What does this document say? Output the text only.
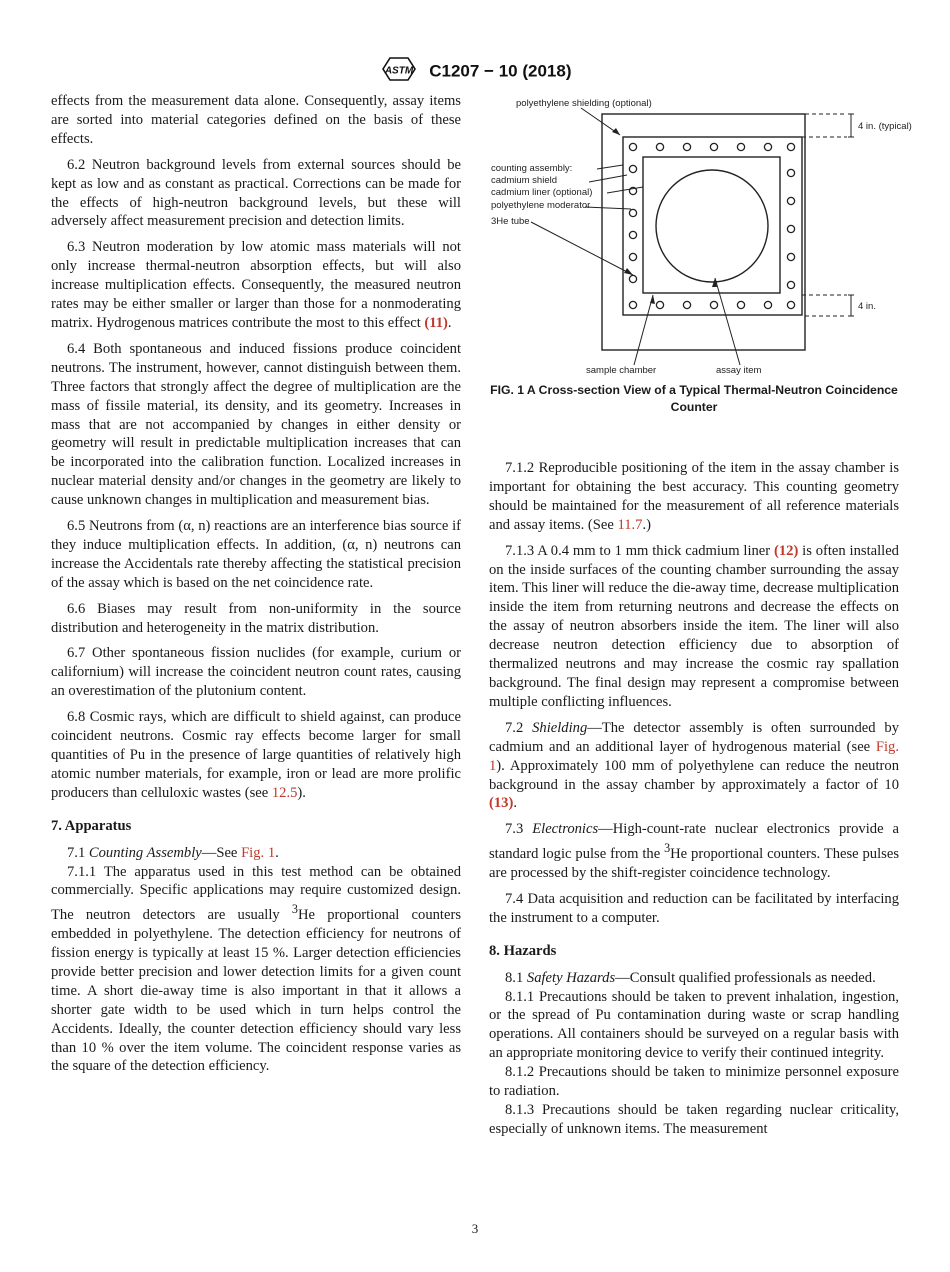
ASTM C1207 − 10 (2018)

effects from the measurement data alone. Consequently, assay items are sorted into material categories defined on the basis of these effects.

6.2 Neutron background levels from external sources should be kept as low and as constant as practical. Corrections can be made for the effects of high-neutron background levels, but these will adversely affect measurement precision and detection limits.

6.3 Neutron moderation by low atomic mass materials will not only increase thermal-neutron absorption effects, but will also increase multiplication effects. Consequently, the measured neutron rates may be either smaller or larger than those for a nonmoderating matrix. Hydrogenous matrices contribute the most to this effect (11).

6.4 Both spontaneous and induced fissions produce coincident neutrons. The instrument, however, cannot distinguish between them. Three factors that strongly affect the degree of multiplication are the mass of fissile material, its density, and its geometry. Increases in mass that are not accompanied by changes in either density or geometry will result in predictable multiplication increases that can be incorporated into the calibration function. Localized increases in nuclear material density and/or changes in the geometry are likely to cause unknown changes in multiplication and measurement bias.

6.5 Neutrons from (α, n) reactions are an interference bias source if they induce multiplication effects. In addition, (α, n) neutrons can increase the Accidentals rate thereby affecting the statistical precision of the assay which is based on the net coincidence rate.

6.6 Biases may result from non-uniformity in the source distribution and heterogeneity in the matrix distribution.

6.7 Other spontaneous fission nuclides (for example, curium or californium) will increase the coincident neutron count rates, causing an overestimation of the plutonium content.

6.8 Cosmic rays, which are difficult to shield against, can produce coincident neutrons. Cosmic ray effects become larger for small quantities of Pu in the presence of large quantities of relatively high atomic number materials, for example, iron or lead are more prolific producers than celluloxic wastes (see 12.5).

7. Apparatus

7.1 Counting Assembly—See Fig. 1.

7.1.1 The apparatus used in this test method can be obtained commercially. Specific applications may require customized design. The neutron detectors are usually $^3$He proportional counters embedded in polyethylene. The detection efficiency for neutrons of fission energy is typically at least 15 %. Larger detection efficiencies provide better precision and lower detection limits for a given count time. A short die-away time is also important in that it allows a shorter gate width to be used which in turn helps control the Accidents. Ideally, the counter detection efficiency should vary less than 10 % over the item volume. The coincident response varies as the square of the detection efficiency.

polyethylene shielding (optional)
4 in. (typical)
counting assembly:
cadmium shield
cadmium liner (optional)
polyethylene moderator
3He tube
4 in.
sample chamber	assay item
FIG. 1 A Cross-section View of a Typical Thermal-Neutron Coincidence Counter

7.1.2 Reproducible positioning of the item in the assay chamber is important for obtaining the best accuracy. This counting geometry should be maintained for the measurement of all reference materials and assay items. (See 11.7.)

7.1.3 A 0.4 mm to 1 mm thick cadmium liner (12) is often installed on the inside surfaces of the counting chamber surrounding the assay item. This liner will reduce the die-away time, decrease multiplication inside the item from returning neutrons and decrease the effects on the assay of neutron absorbers inside the item. The liner will also decrease neutron detection efficiency due to absorption of thermalized neutrons and may increase the cosmic ray spallation background. The final design may represent a compromise between multiple conflicting influences.

7.2 Shielding—The detector assembly is often surrounded by cadmium and an additional layer of hydrogenous material (see Fig. 1). Approximately 100 mm of polyethylene can reduce the neutron background in the assay chamber by approximately a factor of 10 (13).

7.3 Electronics—High-count-rate nuclear electronics provide a standard logic pulse from the $^3$He proportional counters. These pulses are processed by the shift-register coincidence technology.

7.4 Data acquisition and reduction can be facilitated by interfacing the instrument to a computer.

8. Hazards

8.1 Safety Hazards—Consult qualified professionals as needed.

8.1.1 Precautions should be taken to prevent inhalation, ingestion, or the spread of Pu contamination during waste or scrap handling operations. All containers should be surveyed on a regular basis with an appropriate monitoring device to verify their continued integrity.

8.1.2 Precautions should be taken to minimize personnel exposure to radiation.

8.1.3 Precautions should be taken regarding nuclear criticality, especially of unknown items. The measurement

3
